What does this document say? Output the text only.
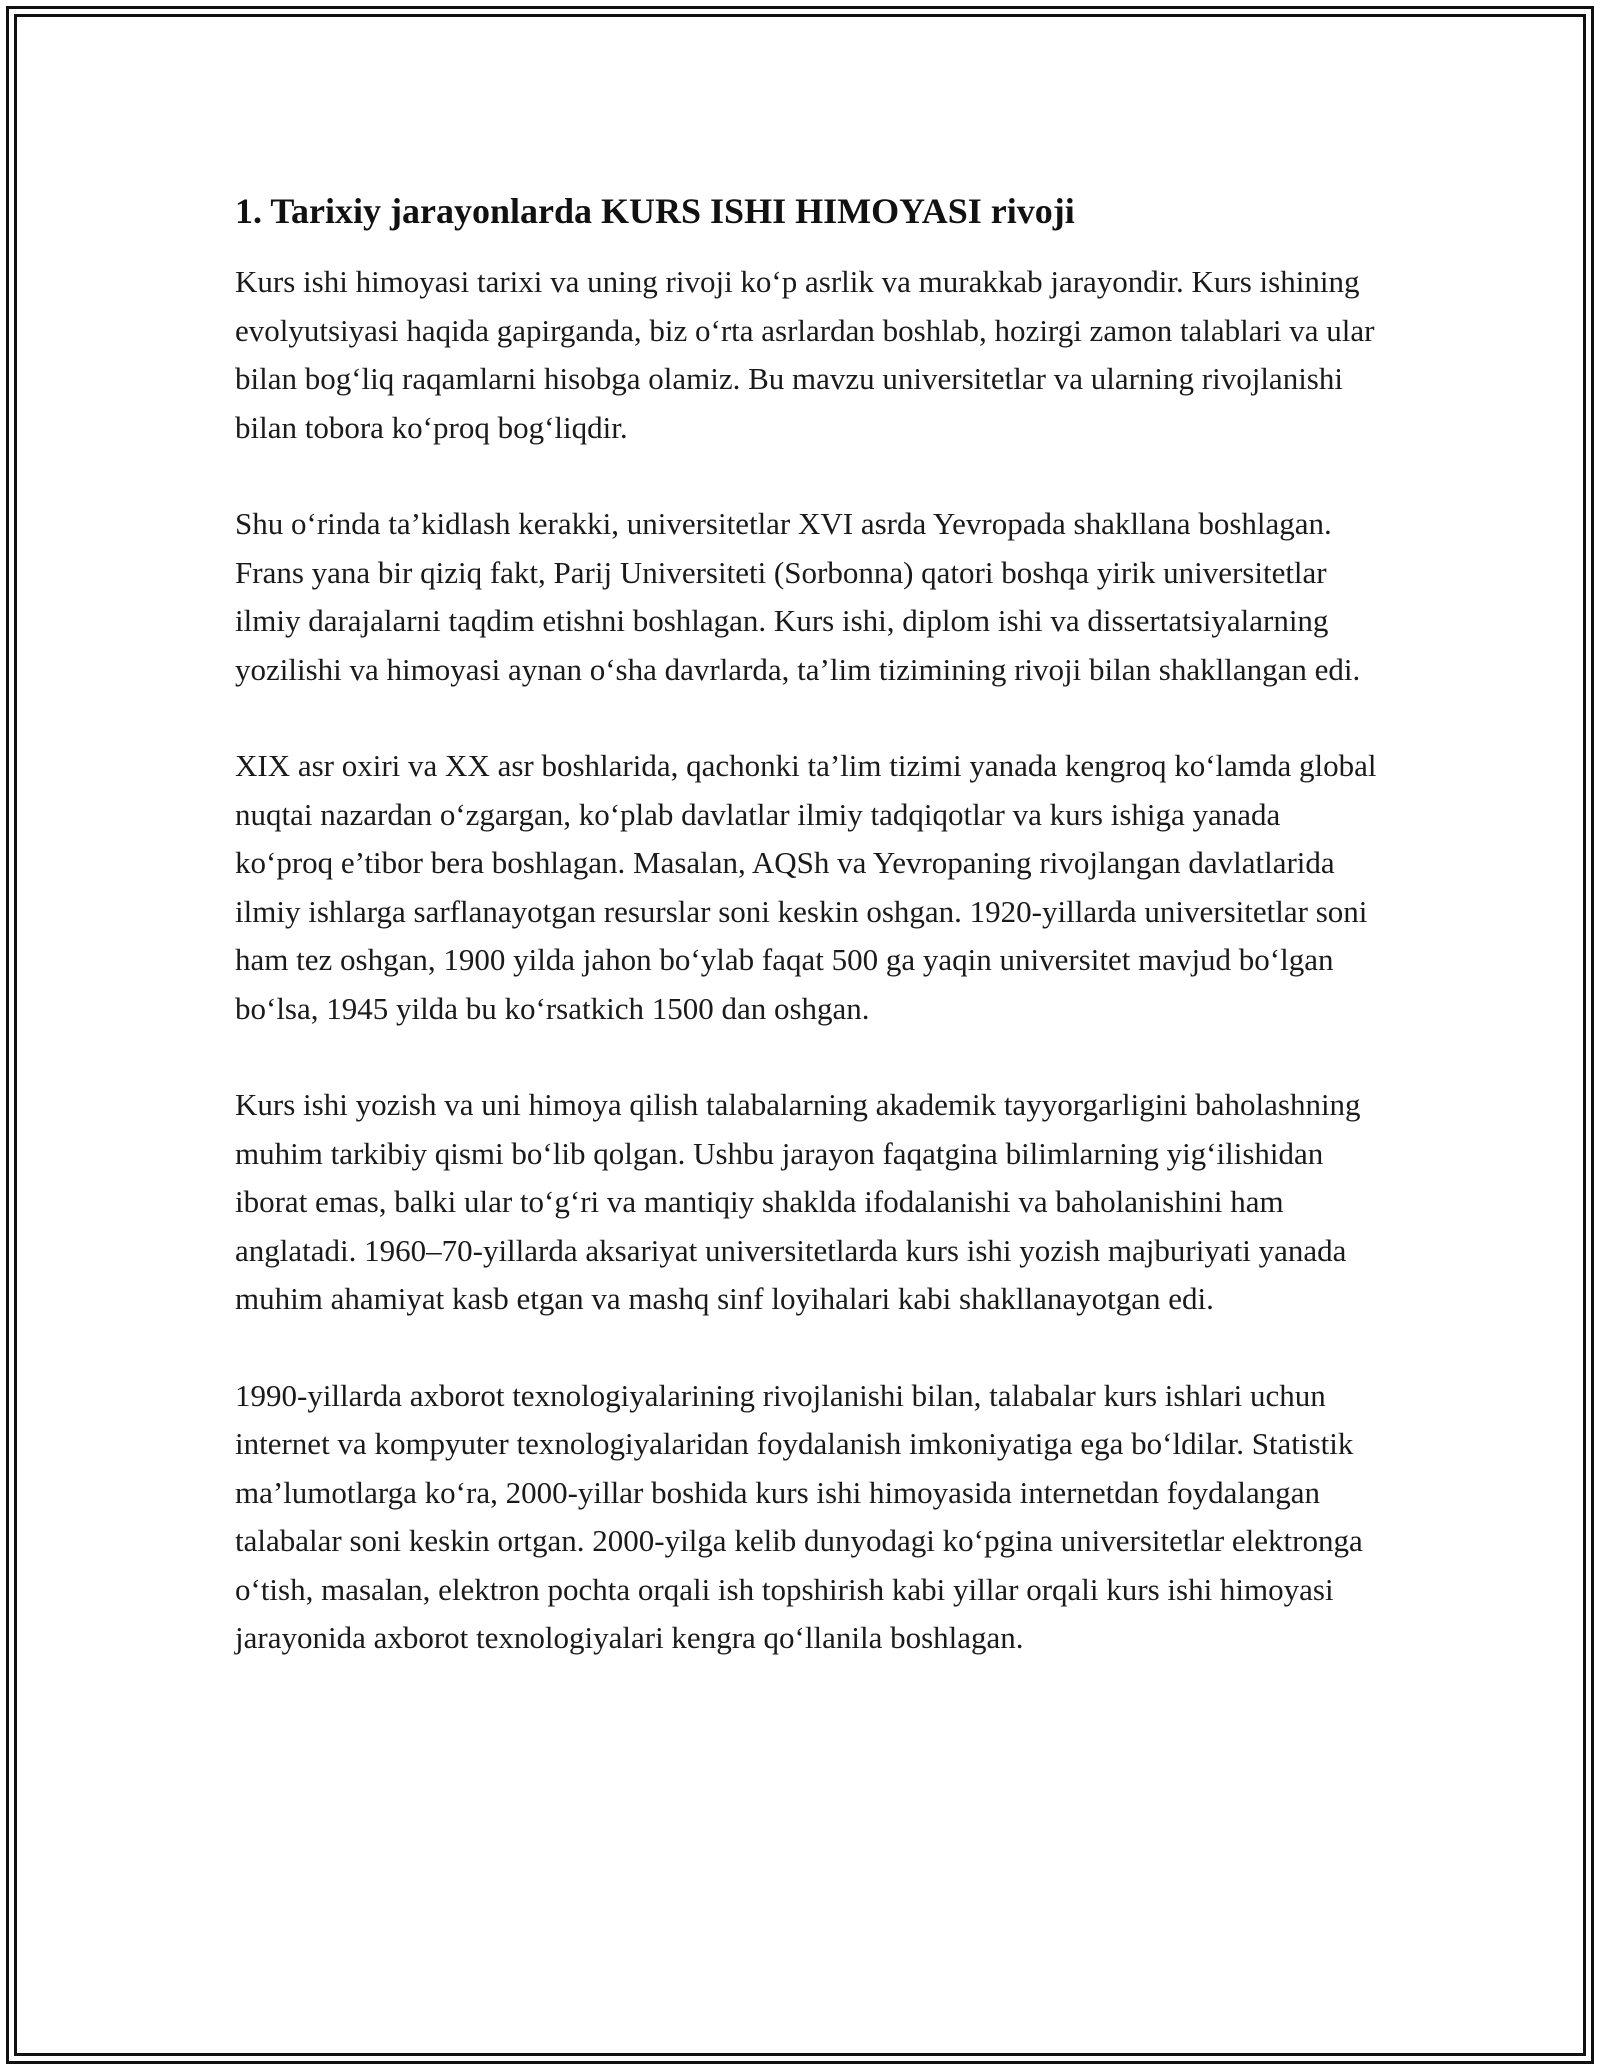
1. Tarixiy jarayonlarda KURS ISHI HIMOYASI rivoji

Kurs ishi himoyasi tarixi va uning rivoji ko‘p asrlik va murakkab jarayondir. Kurs ishining evolyutsiyasi haqida gapirganda, biz o‘rta asrlardan boshlab, hozirgi zamon talablari va ular bilan bog‘liq raqamlarni hisobga olamiz. Bu mavzu universitetlar va ularning rivojlanishi bilan tobora ko‘proq bog‘liqdir.

Shu o‘rinda ta’kidlash kerakki, universitetlar XVI asrda Yevropada shakllana boshlagan. Frans yana bir qiziq fakt, Parij Universiteti (Sorbonna) qatori boshqa yirik universitetlar ilmiy darajalarni taqdim etishni boshlagan. Kurs ishi, diplom ishi va dissertatsiyalarning yozilishi va himoyasi aynan o‘sha davrlarda, ta’lim tizimining rivoji bilan shakllangan edi.

XIX asr oxiri va XX asr boshlarida, qachonki ta’lim tizimi yanada kengroq ko‘lamda global nuqtai nazardan o‘zgargan, ko‘plab davlatlar ilmiy tadqiqotlar va kurs ishiga yanada ko‘proq e’tibor bera boshlagan. Masalan, AQSh va Yevropaning rivojlangan davlatlarida ilmiy ishlarga sarflanayotgan resurslar soni keskin oshgan. 1920-yillarda universitetlar soni ham tez oshgan, 1900 yilda jahon bo‘ylab faqat 500 ga yaqin universitet mavjud bo‘lgan bo‘lsa, 1945 yilda bu ko‘rsatkich 1500 dan oshgan.

Kurs ishi yozish va uni himoya qilish talabalarning akademik tayyorgarligini baholashning muhim tarkibiy qismi bo‘lib qolgan. Ushbu jarayon faqatgina bilimlarning yig‘ilishidan iborat emas, balki ular to‘g‘ri va mantiqiy shaklda ifodalanishi va baholanishini ham anglatadi. 1960–70-yillarda aksariyat universitetlarda kurs ishi yozish majburiyati yanada muhim ahamiyat kasb etgan va mashq sinf loyihalari kabi shakllanayotgan edi.

1990-yillarda axborot texnologiyalarining rivojlanishi bilan, talabalar kurs ishlari uchun internet va kompyuter texnologiyalaridan foydalanish imkoniyatiga ega bo‘ldilar. Statistik ma’lumotlarga ko‘ra, 2000-yillar boshida kurs ishi himoyasida internetdan foydalangan talabalar soni keskin ortgan. 2000-yilga kelib dunyodagi ko‘pgina universitetlar elektronga o‘tish, masalan, elektron pochta orqali ish topshirish kabi yillar orqali kurs ishi himoyasi jarayonida axborot texnologiyalari kengra qo‘llanila boshlagan.
